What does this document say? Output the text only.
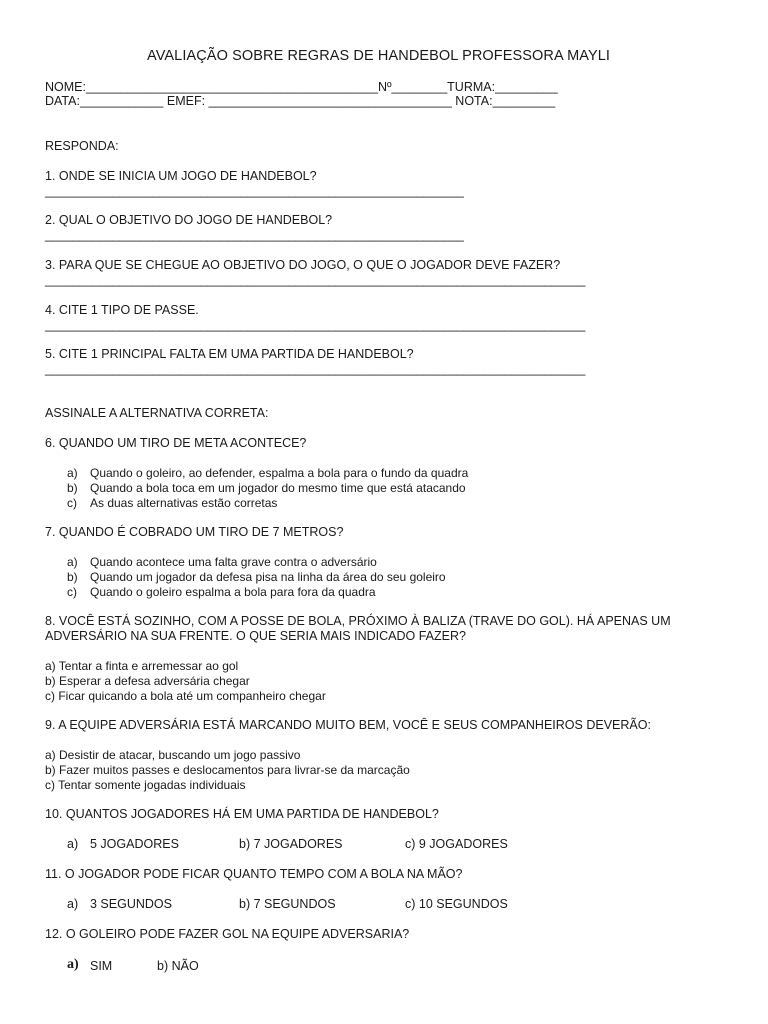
AVALIAÇÃO SOBRE REGRAS DE HANDEBOL PROFESSORA MAYLI
NOME:__________________________________________Nº________TURMA:_________
DATA:____________ EMEF: ___________________________________ NOTA:_________
RESPONDA:
1. ONDE SE INICIA UM JOGO DE HANDEBOL?
______________________________________________________________
2. QUAL O OBJETIVO DO JOGO DE HANDEBOL?
______________________________________________________________
3. PARA QUE SE CHEGUE AO OBJETIVO DO JOGO, O QUE O JOGADOR DEVE FAZER?
________________________________________________________________________________
4. CITE 1 TIPO DE PASSE.
________________________________________________________________________________
5. CITE 1 PRINCIPAL FALTA EM UMA PARTIDA DE HANDEBOL?
________________________________________________________________________________
ASSINALE A ALTERNATIVA CORRETA:
6. QUANDO UM TIRO DE META ACONTECE?
a) Quando o goleiro, ao defender, espalma a bola para o fundo da quadra
b) Quando a bola toca em um jogador do mesmo time que está atacando
c) As duas alternativas estão corretas
7. QUANDO É COBRADO UM TIRO DE 7 METROS?
a) Quando acontece uma falta grave contra o adversário
b) Quando um jogador da defesa pisa na linha da área do seu goleiro
c) Quando o goleiro espalma a bola para fora da quadra
8. VOCÊ ESTÁ SOZINHO, COM A POSSE DE BOLA, PRÓXIMO À BALIZA (TRAVE DO GOL). HÁ APENAS UM
ADVERSÁRIO NA SUA FRENTE. O QUE SERIA MAIS INDICADO FAZER?
a) Tentar a finta e arremessar ao gol
b) Esperar a defesa adversária chegar
c) Ficar quicando a bola até um companheiro chegar
9. A EQUIPE ADVERSÁRIA ESTÁ MARCANDO MUITO BEM, VOCÊ E SEUS COMPANHEIROS DEVERÃO:
a) Desistir de atacar, buscando um jogo passivo
b) Fazer muitos passes e deslocamentos para livrar-se da marcação
c) Tentar somente jogadas individuais
10. QUANTOS JOGADORES HÁ EM UMA PARTIDA DE HANDEBOL?
a) 5 JOGADORES	b) 7 JOGADORES	c) 9 JOGADORES
11. O JOGADOR PODE FICAR QUANTO TEMPO COM A BOLA NA MÃO?
a) 3 SEGUNDOS	b) 7 SEGUNDOS	c) 10 SEGUNDOS
12. O GOLEIRO PODE FAZER GOL NA EQUIPE ADVERSARIA?
a) SIM	b) NÃO
